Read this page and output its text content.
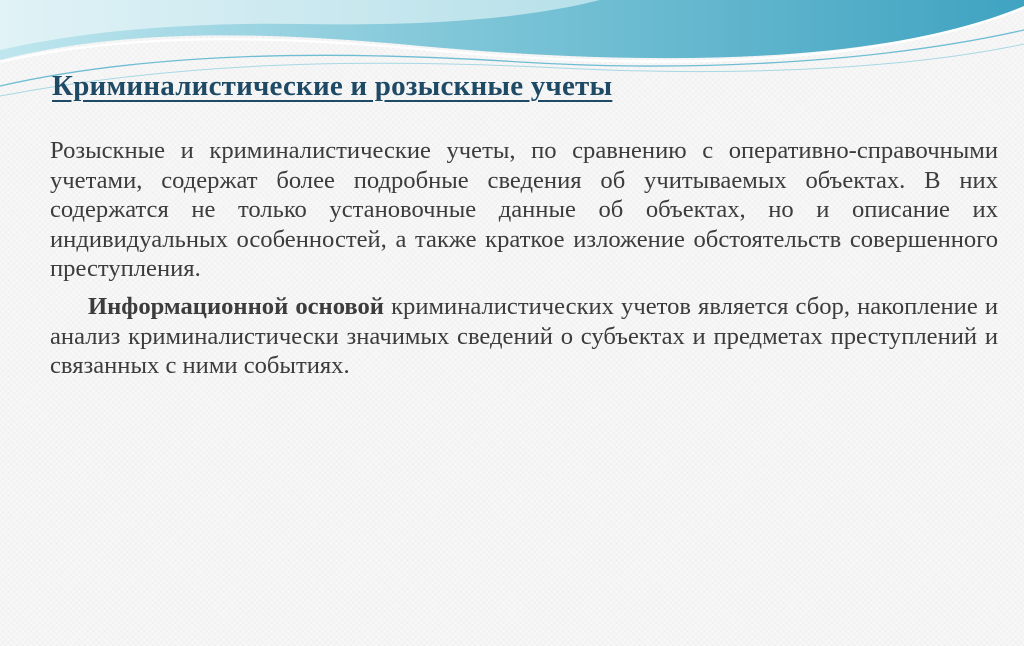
Криминалистические и розыскные учеты

Розыскные и криминалистические учеты, по сравнению с оперативно-справочными учетами, содержат более подробные сведения об учитываемых объектах. В них содержатся не только установочные данные об объектах, но и описание их индивидуальных особенностей, а также краткое изложение обстоятельств совершенного преступления.

Информационной основой криминалистических учетов является сбор, накопление и анализ криминалистически значимых сведений о субъектах и предметах преступлений и связанных с ними событиях.
